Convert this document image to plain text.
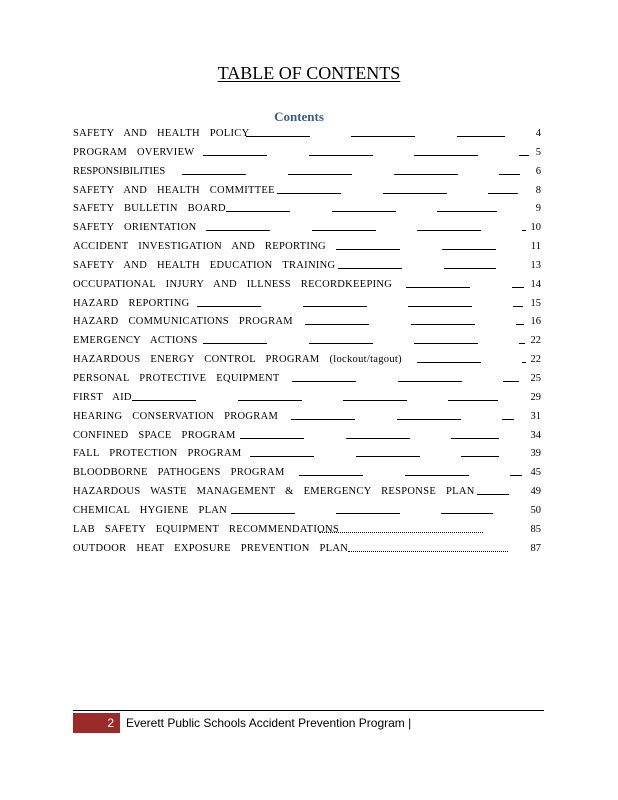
TABLE OF CONTENTS
Contents
SAFETY AND HEALTH POLICY	4
PROGRAM OVERVIEW	5
RESPONSIBILITIES	6
SAFETY AND HEALTH COMMITTEE	8
SAFETY BULLETIN BOARD	9
SAFETY ORIENTATION	10
ACCIDENT INVESTIGATION AND REPORTING	11
SAFETY AND HEALTH EDUCATION TRAINING	13
OCCUPATIONAL INJURY AND ILLNESS RECORDKEEPING	14
HAZARD REPORTING	15
HAZARD COMMUNICATIONS PROGRAM	16
EMERGENCY ACTIONS	22
HAZARDOUS ENERGY CONTROL PROGRAM (lockout/tagout)	22
PERSONAL PROTECTIVE EQUIPMENT	25
FIRST AID	29
HEARING CONSERVATION PROGRAM	31
CONFINED SPACE PROGRAM	34
FALL PROTECTION PROGRAM	39
BLOODBORNE PATHOGENS PROGRAM	45
HAZARDOUS WASTE MANAGEMENT & EMERGENCY RESPONSE PLAN	49
CHEMICAL HYGIENE PLAN	50
LAB SAFETY EQUIPMENT RECOMMENDATIONS	85
OUTDOOR HEAT EXPOSURE PREVENTION PLAN	87
2	Everett Public Schools Accident Prevention Program |
